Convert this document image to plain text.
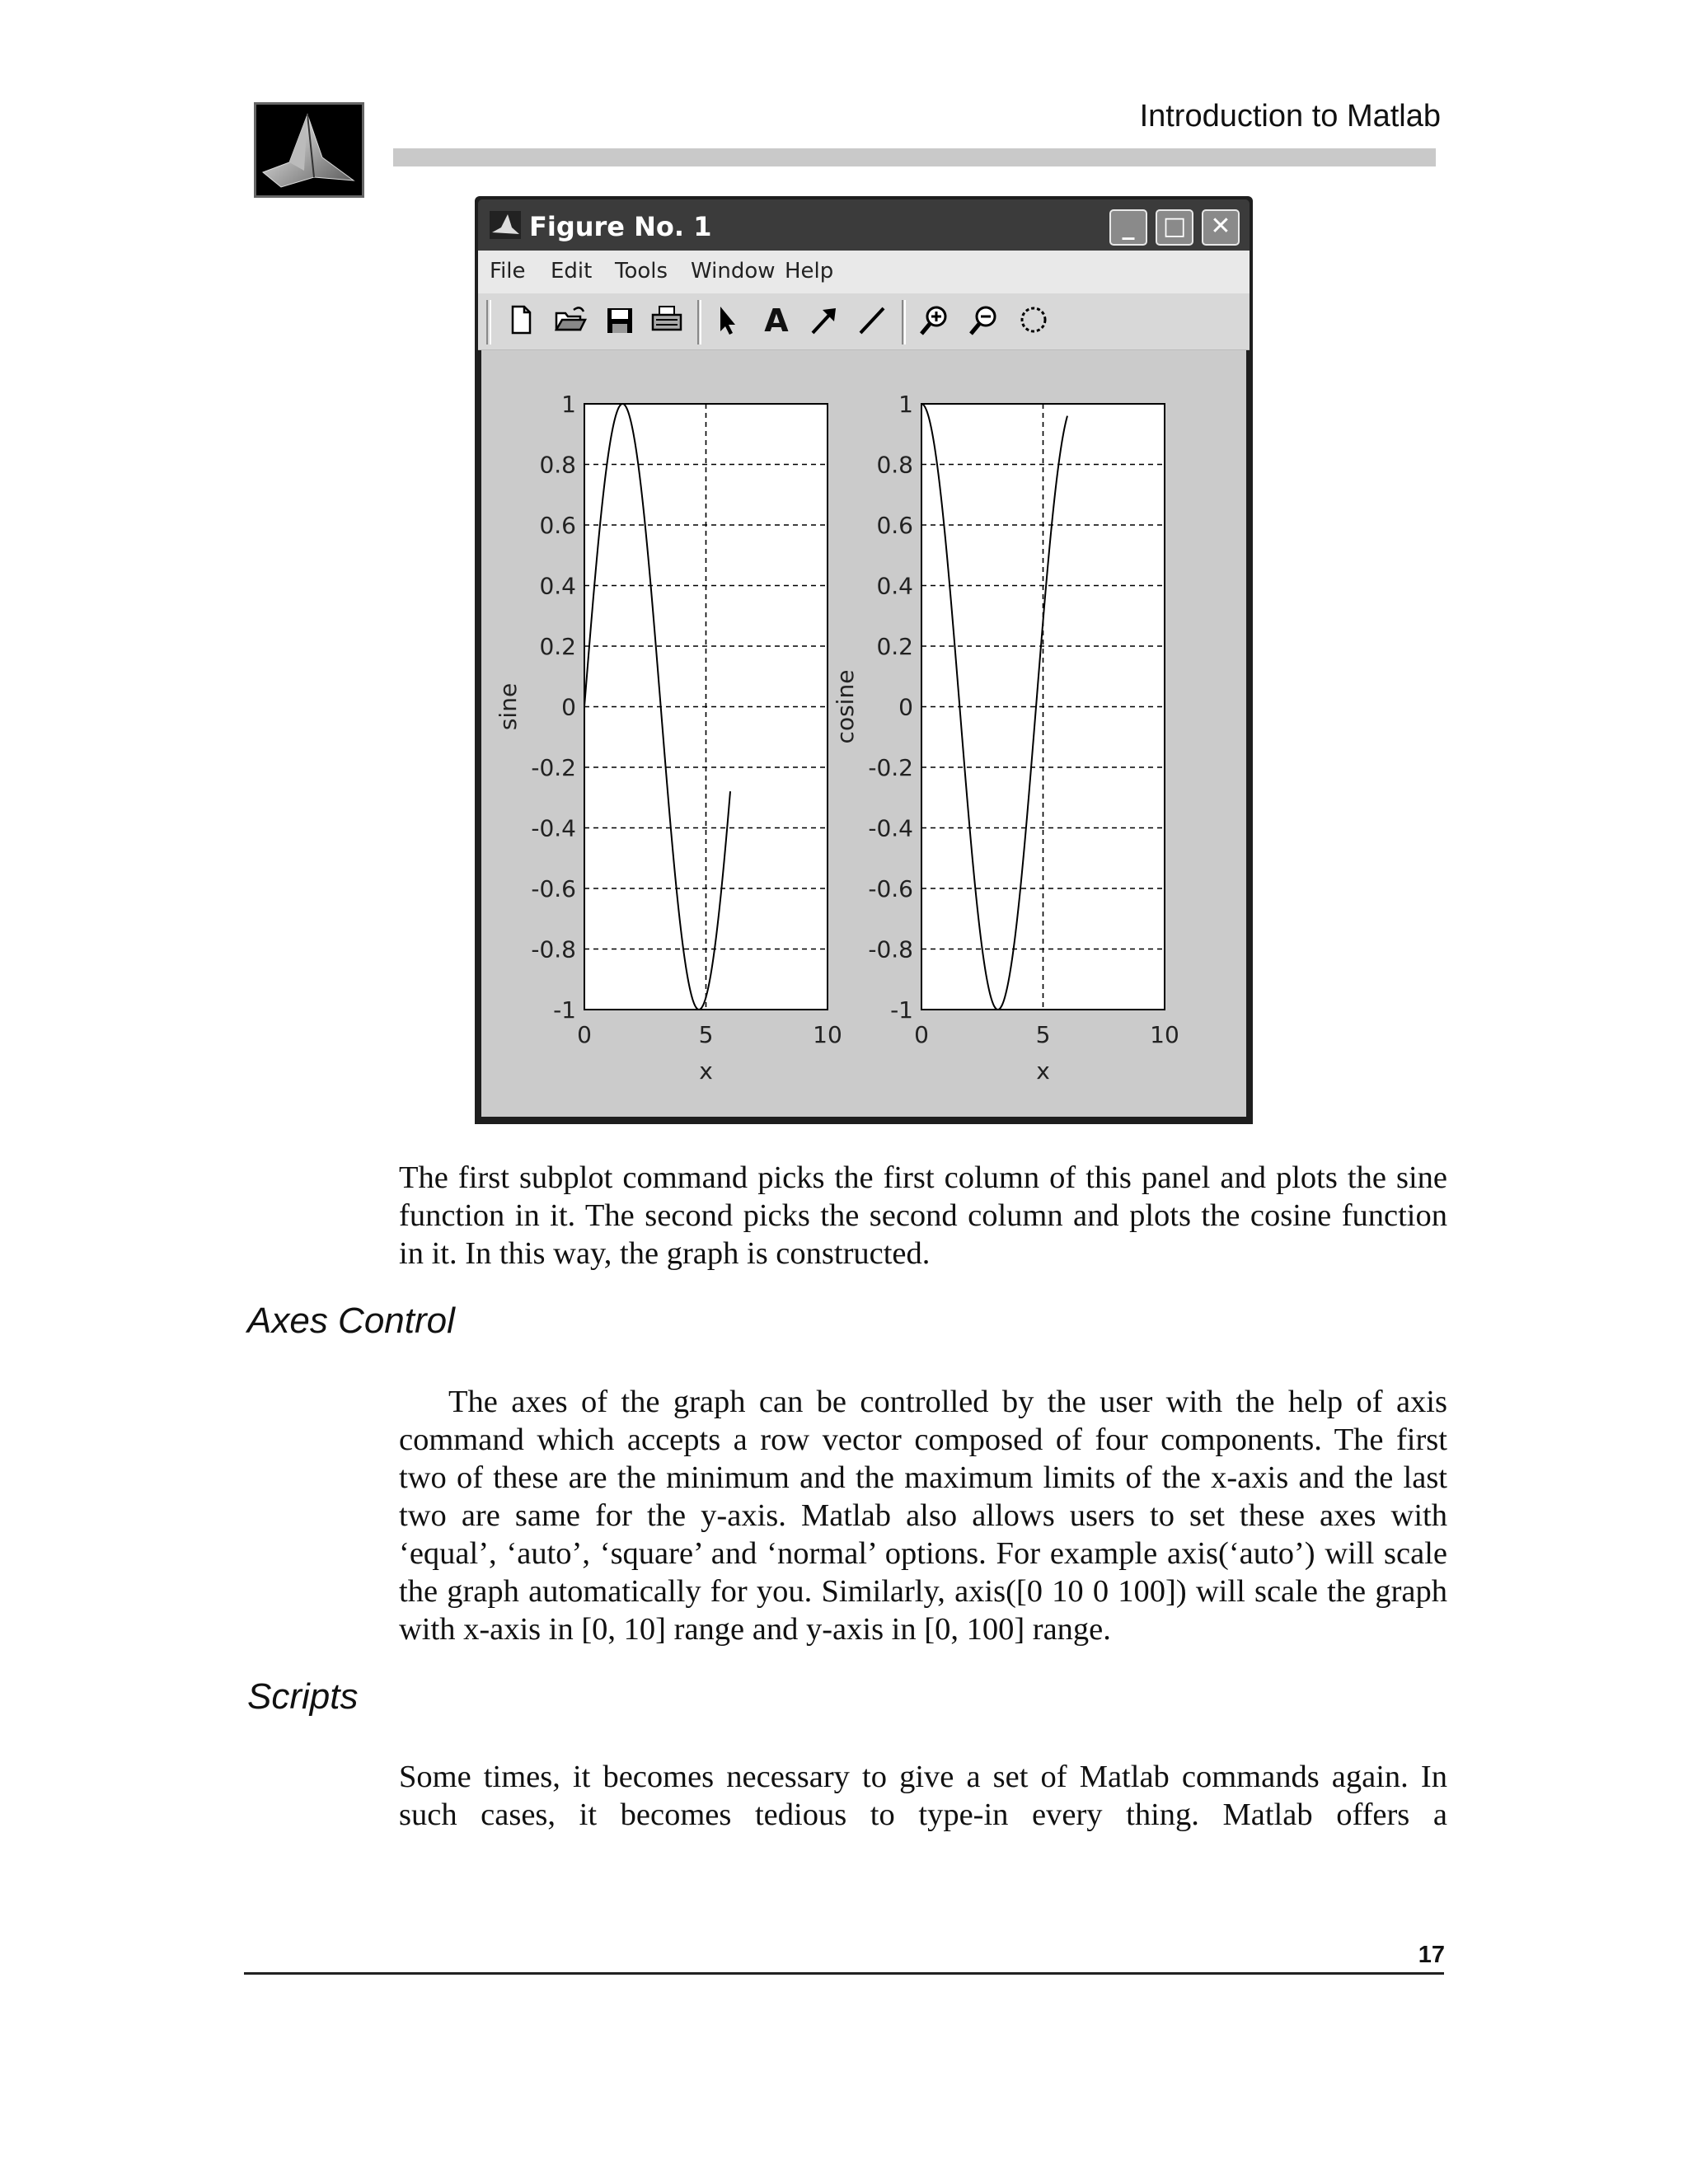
Introduction to Matlab
Figure No. 1	_	□ ✕
File Edit Tools Window Help
A
1
0.8
0.6
0.4
0.2
0
-0.2
-0.4
-0.6
-0.8
-1
0	5	10
x
sine
1
0.8
0.6
0.4
0.2
0
-0.2
-0.4
-0.6
-0.8
-1
0	5	10
x
cosine
The first subplot command picks the first column of this panel and plots the sine function in it. The second picks the second column and plots the cosine function in it. In this way, the graph is constructed.
Axes Control
The axes of the graph can be controlled by the user with the help of axis command which accepts a row vector composed of four components. The first two of these are the minimum and the maximum limits of the x-axis and the last two are same for the y-axis. Matlab also allows users to set these axes with ‘equal’, ‘auto’, ‘square’ and ‘normal’ options. For example axis(‘auto’) will scale the graph automatically for you. Similarly, axis([0 10 0 100]) will scale the graph with x-axis in [0, 10] range and y-axis in [0, 100] range.
Scripts
Some times, it becomes necessary to give a set of Matlab commands again. In
such cases, it becomes tedious to type-in every thing. Matlab offers a
17
